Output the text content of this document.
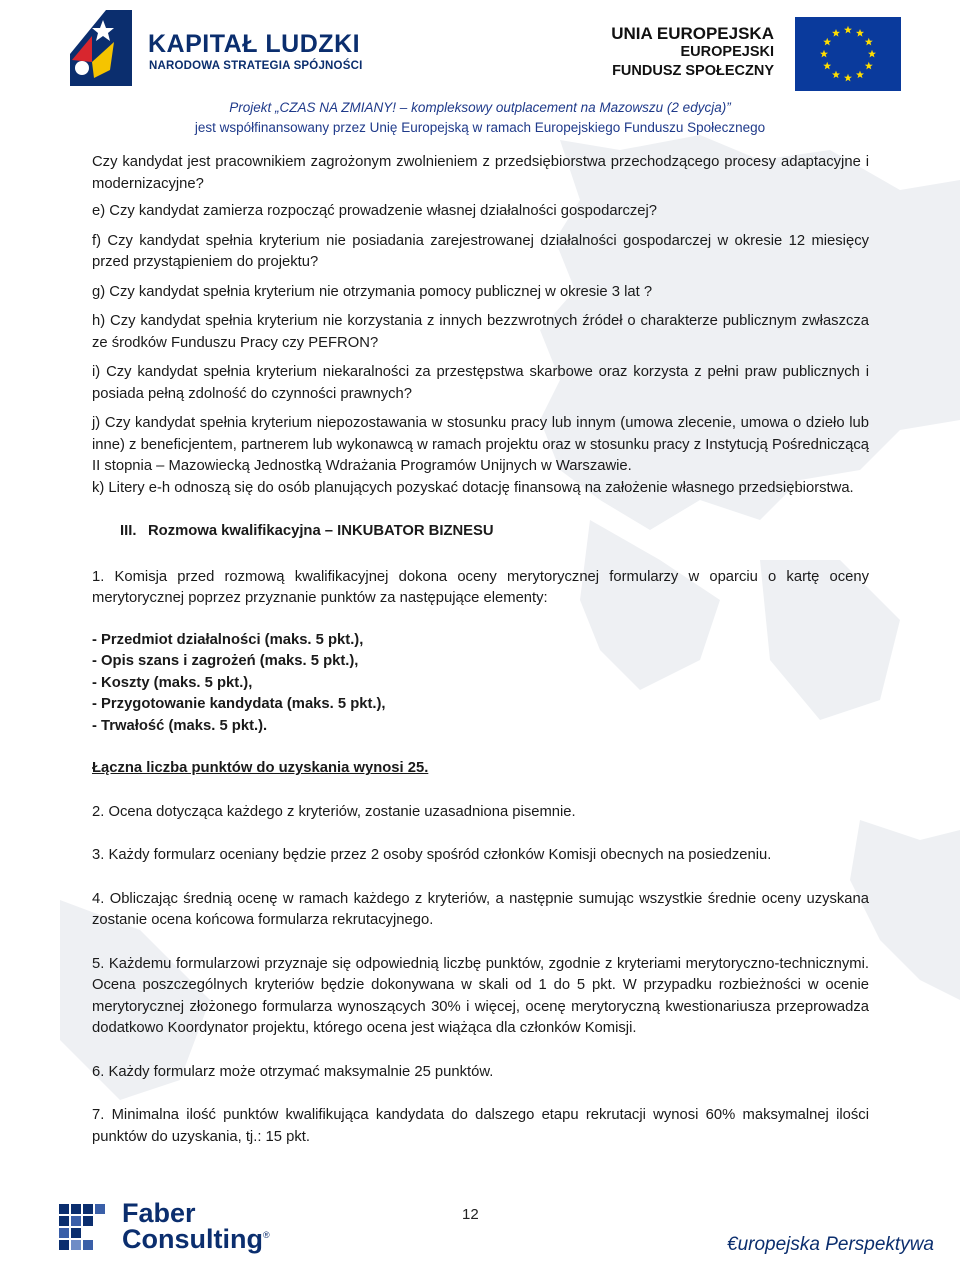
KAPITAŁ LUDZKI
NARODOWA STRATEGIA SPÓJNOŚCI
UNIA EUROPEJSKA
EUROPEJSKI
FUNDUSZ SPOŁECZNY
Projekt „CZAS NA ZMIANY! – kompleksowy outplacement na Mazowszu (2 edycja)”
jest współfinansowany przez Unię Europejską w ramach Europejskiego Funduszu Społecznego

Czy kandydat jest pracownikiem zagrożonym zwolnieniem z przedsiębiorstwa przechodzącego procesy adaptacyjne i modernizacyjne?

e) Czy kandydat zamierza rozpocząć prowadzenie własnej działalności gospodarczej?

f) Czy kandydat spełnia kryterium nie posiadania zarejestrowanej działalności gospodarczej w okresie 12 miesięcy przed przystąpieniem do projektu?

g) Czy kandydat spełnia kryterium nie otrzymania pomocy publicznej w okresie 3 lat ?

h) Czy kandydat spełnia kryterium nie korzystania z innych bezzwrotnych źródeł o charakterze publicznym zwłaszcza ze środków Funduszu Pracy czy PEFRON?

i) Czy kandydat spełnia kryterium niekaralności za przestępstwa skarbowe oraz korzysta z pełni praw publicznych i posiada pełną zdolność do czynności prawnych?

j) Czy kandydat spełnia kryterium niepozostawania w stosunku pracy lub innym (umowa zlecenie, umowa o dzieło lub inne) z beneficjentem, partnerem lub wykonawcą w ramach projektu oraz w stosunku pracy z Instytucją Pośredniczącą II stopnia – Mazowiecką Jednostką Wdrażania Programów Unijnych w Warszawie.

k) Litery e-h odnoszą się do osób planujących pozyskać dotację finansową na założenie własnego przedsiębiorstwa.

III. Rozmowa kwalifikacyjna – INKUBATOR BIZNESU

1. Komisja przed rozmową kwalifikacyjnej dokona oceny merytorycznej formularzy w oparciu o kartę oceny merytorycznej poprzez przyznanie punktów za następujące elementy:

- Przedmiot działalności (maks. 5 pkt.),
- Opis szans i zagrożeń (maks. 5 pkt.),
- Koszty (maks. 5 pkt.),
- Przygotowanie kandydata (maks. 5 pkt.),
- Trwałość (maks. 5 pkt.).
Łączna liczba punktów do uzyskania wynosi 25.

2. Ocena dotycząca każdego z kryteriów, zostanie uzasadniona pisemnie.

3. Każdy formularz oceniany będzie przez 2 osoby spośród członków Komisji obecnych na posiedzeniu.

4. Obliczając średnią ocenę w ramach każdego z kryteriów, a następnie sumując wszystkie średnie oceny uzyskana zostanie ocena końcowa formularza rekrutacyjnego.

5. Każdemu formularzowi przyznaje się odpowiednią liczbę punktów, zgodnie z kryteriami merytoryczno-technicznymi. Ocena poszczególnych kryteriów będzie dokonywana w skali od 1 do 5 pkt. W przypadku rozbieżności w ocenie merytorycznej złożonego formularza wynoszących 30% i więcej, ocenę merytoryczną kwestionariusza przeprowadza dodatkowo Koordynator projektu, którego ocena jest wiążąca dla członków Komisji.

6. Każdy formularz może otrzymać maksymalnie 25 punktów.

7. Minimalna ilość punktów kwalifikująca kandydata do dalszego etapu rekrutacji wynosi 60% maksymalnej ilości punktów do uzyskania, tj.: 15 pkt.

Faber
Consulting®
12
€uropejska Perspektywa
